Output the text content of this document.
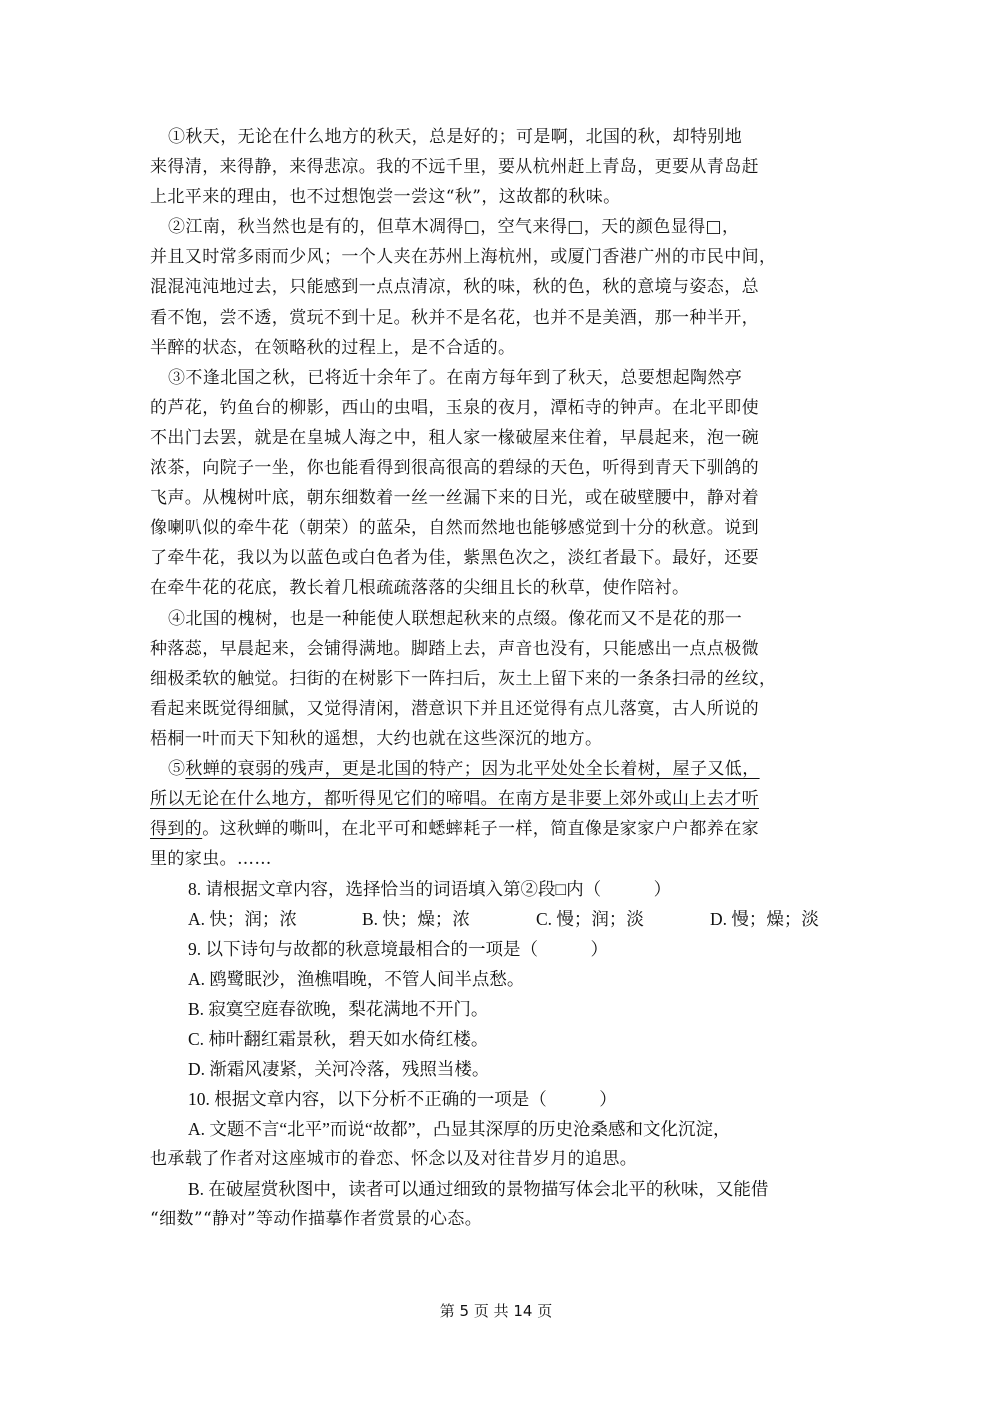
①秋天，无论在什么地方的秋天，总是好的；可是啊，北国的秋，却特别地
来得清，来得静，来得悲凉。我的不远千里，要从杭州赶上青岛，更要从青岛赶
上北平来的理由，也不过想饱尝一尝这“秋”，这故都的秋味。
②江南，秋当然也是有的，但草木凋得□，空气来得□，天的颜色显得□，
并且又时常多雨而少风；一个人夹在苏州上海杭州，或厦门香港广州的市民中间，
混混沌沌地过去，只能感到一点点清凉，秋的味，秋的色，秋的意境与姿态，总
看不饱，尝不透，赏玩不到十足。秋并不是名花，也并不是美酒，那一种半开，
半醉的状态，在领略秋的过程上，是不合适的。
③不逢北国之秋，已将近十余年了。在南方每年到了秋天，总要想起陶然亭
的芦花，钓鱼台的柳影，西山的虫唱，玉泉的夜月，潭柘寺的钟声。在北平即使
不出门去罢，就是在皇城人海之中，租人家一椽破屋来住着，早晨起来，泡一碗
浓茶，向院子一坐，你也能看得到很高很高的碧绿的天色，听得到青天下驯鸽的
飞声。从槐树叶底，朝东细数着一丝一丝漏下来的日光，或在破壁腰中，静对着
像喇叭似的牵牛花（朝荣）的蓝朵，自然而然地也能够感觉到十分的秋意。说到
了牵牛花，我以为以蓝色或白色者为佳，紫黑色次之，淡红者最下。最好，还要
在牵牛花的花底，教长着几根疏疏落落的尖细且长的秋草，使作陪衬。
④北国的槐树，也是一种能使人联想起秋来的点缀。像花而又不是花的那一
种落蕊，早晨起来，会铺得满地。脚踏上去，声音也没有，只能感出一点点极微
细极柔软的触觉。扫街的在树影下一阵扫后，灰土上留下来的一条条扫帚的丝纹，
看起来既觉得细腻，又觉得清闲，潜意识下并且还觉得有点儿落寞，古人所说的
梧桐一叶而天下知秋的遥想，大约也就在这些深沉的地方。
⑤秋蝉的衰弱的残声，更是北国的特产；因为北平处处全长着树，屋子又低，
所以无论在什么地方，都听得见它们的啼唱。在南方是非要上郊外或山上去才听
得到的。这秋蝉的嘶叫，在北平可和蟋蟀耗子一样，简直像是家家户户都养在家
里的家虫。……
8. 请根据文章内容，选择恰当的词语填入第②段□内（　　　）
A. 快；润；浓	B. 快；燥；浓	C. 慢；润；淡	D. 慢；燥；淡
9. 以下诗句与故都的秋意境最相合的一项是（　　　）
A. 鸥鹭眠沙，渔樵唱晚，不管人间半点愁。
B. 寂寞空庭春欲晚，梨花满地不开门。
C. 柿叶翻红霜景秋，碧天如水倚红楼。
D. 渐霜风凄紧，关河冷落，残照当楼。
10. 根据文章内容，以下分析不正确的一项是（　　　）
A. 文题不言“北平”而说“故都”，凸显其深厚的历史沧桑感和文化沉淀，
也承载了作者对这座城市的眷恋、怀念以及对往昔岁月的追思。
B. 在破屋赏秋图中，读者可以通过细致的景物描写体会北平的秋味，又能借
“细数”“静对”等动作描摹作者赏景的心态。
第 5 页 共 14 页
